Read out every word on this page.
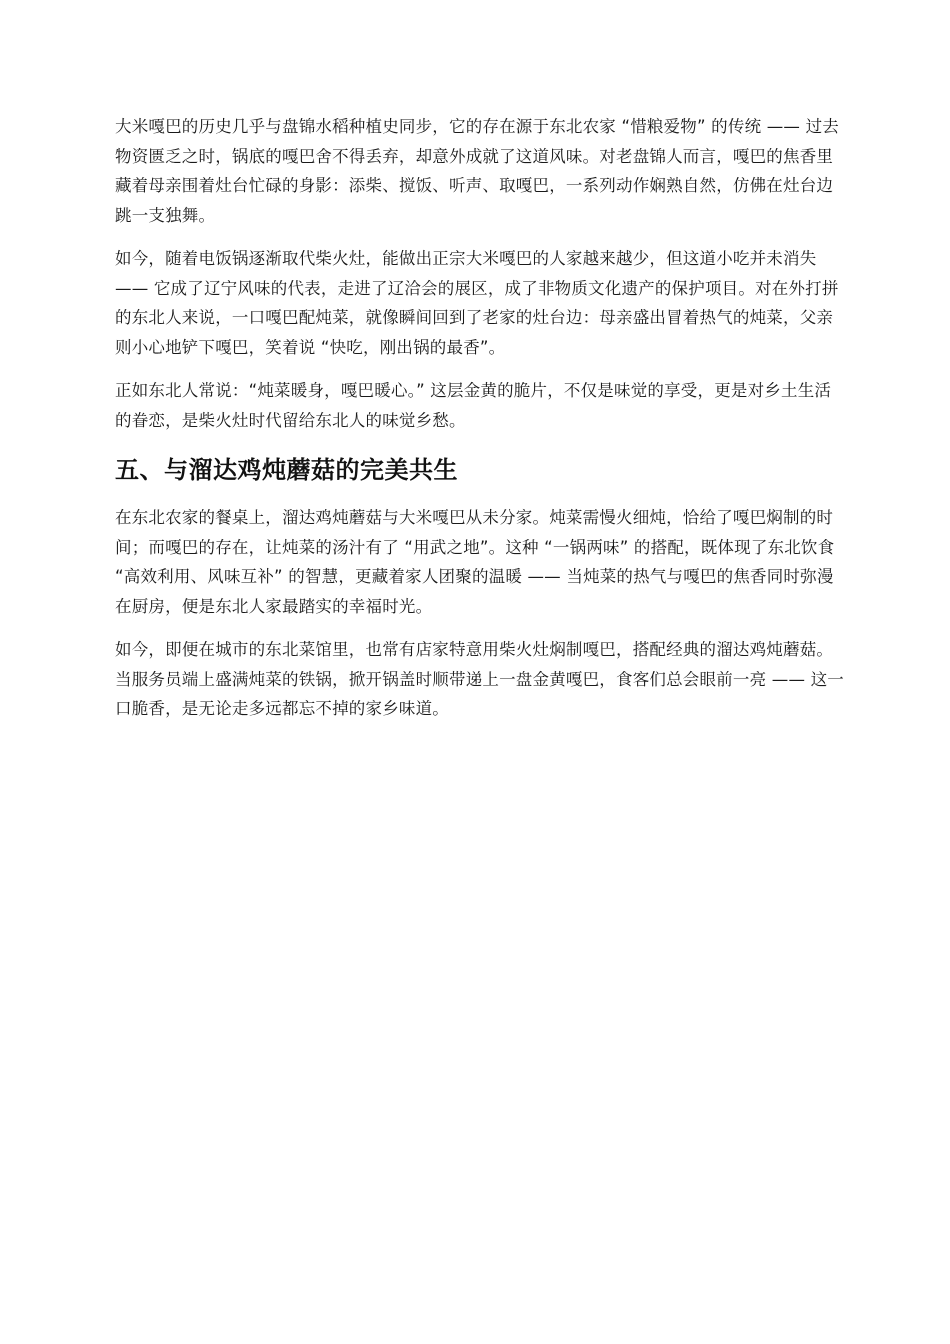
大米嘎巴的历史几乎与盘锦水稻种植史同步，它的存在源于东北农家 “惜粮爱物” 的传统 —— 过去物资匮乏之时，锅底的嘎巴舍不得丢弃，却意外成就了这道风味。对老盘锦人而言，嘎巴的焦香里藏着母亲围着灶台忙碌的身影：添柴、搅饭、听声、取嘎巴，一系列动作娴熟自然，仿佛在灶台边跳一支独舞。

如今，随着电饭锅逐渐取代柴火灶，能做出正宗大米嘎巴的人家越来越少，但这道小吃并未消失 —— 它成了辽宁风味的代表，走进了辽洽会的展区，成了非物质文化遗产的保护项目。对在外打拼的东北人来说，一口嘎巴配炖菜，就像瞬间回到了老家的灶台边：母亲盛出冒着热气的炖菜，父亲则小心地铲下嘎巴，笑着说 “快吃，刚出锅的最香”。

正如东北人常说：“炖菜暖身，嘎巴暖心。” 这层金黄的脆片，不仅是味觉的享受，更是对乡土生活的眷恋，是柴火灶时代留给东北人的味觉乡愁。

五、与溜达鸡炖蘑菇的完美共生

在东北农家的餐桌上，溜达鸡炖蘑菇与大米嘎巴从未分家。炖菜需慢火细炖，恰给了嘎巴焖制的时间；而嘎巴的存在，让炖菜的汤汁有了 “用武之地”。这种 “一锅两味” 的搭配，既体现了东北饮食 “高效利用、风味互补” 的智慧，更藏着家人团聚的温暖 —— 当炖菜的热气与嘎巴的焦香同时弥漫在厨房，便是东北人家最踏实的幸福时光。

如今，即便在城市的东北菜馆里，也常有店家特意用柴火灶焖制嘎巴，搭配经典的溜达鸡炖蘑菇。当服务员端上盛满炖菜的铁锅，掀开锅盖时顺带递上一盘金黄嘎巴，食客们总会眼前一亮 —— 这一口脆香，是无论走多远都忘不掉的家乡味道。
